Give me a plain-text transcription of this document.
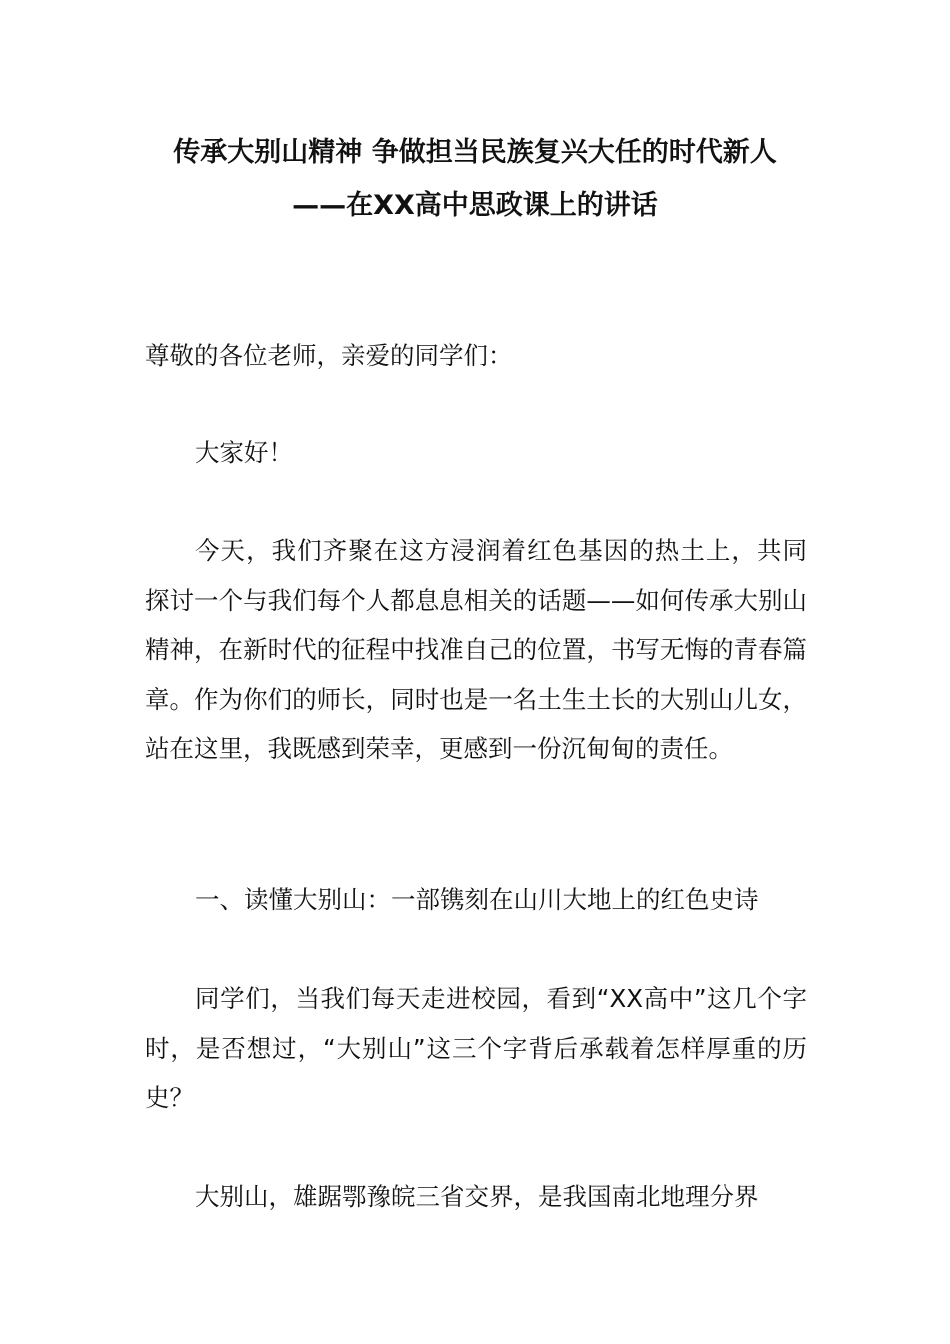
传承大别山精神 争做担当民族复兴大任的时代新人
——在XX高中思政课上的讲话
尊敬的各位老师，亲爱的同学们：
大家好！
今天，我们齐聚在这方浸润着红色基因的热土上，共同探讨一个与我们每个人都息息相关的话题——如何传承大别山精神，在新时代的征程中找准自己的位置，书写无悔的青春篇章。作为你们的师长，同时也是一名土生土长的大别山儿女，站在这里，我既感到荣幸，更感到一份沉甸甸的责任。
一、读懂大别山：一部镌刻在山川大地上的红色史诗
同学们，当我们每天走进校园，看到“XX高中”这几个字时，是否想过，“大别山”这三个字背后承载着怎样厚重的历史？
大别山，雄踞鄂豫皖三省交界，是我国南北地理分界
